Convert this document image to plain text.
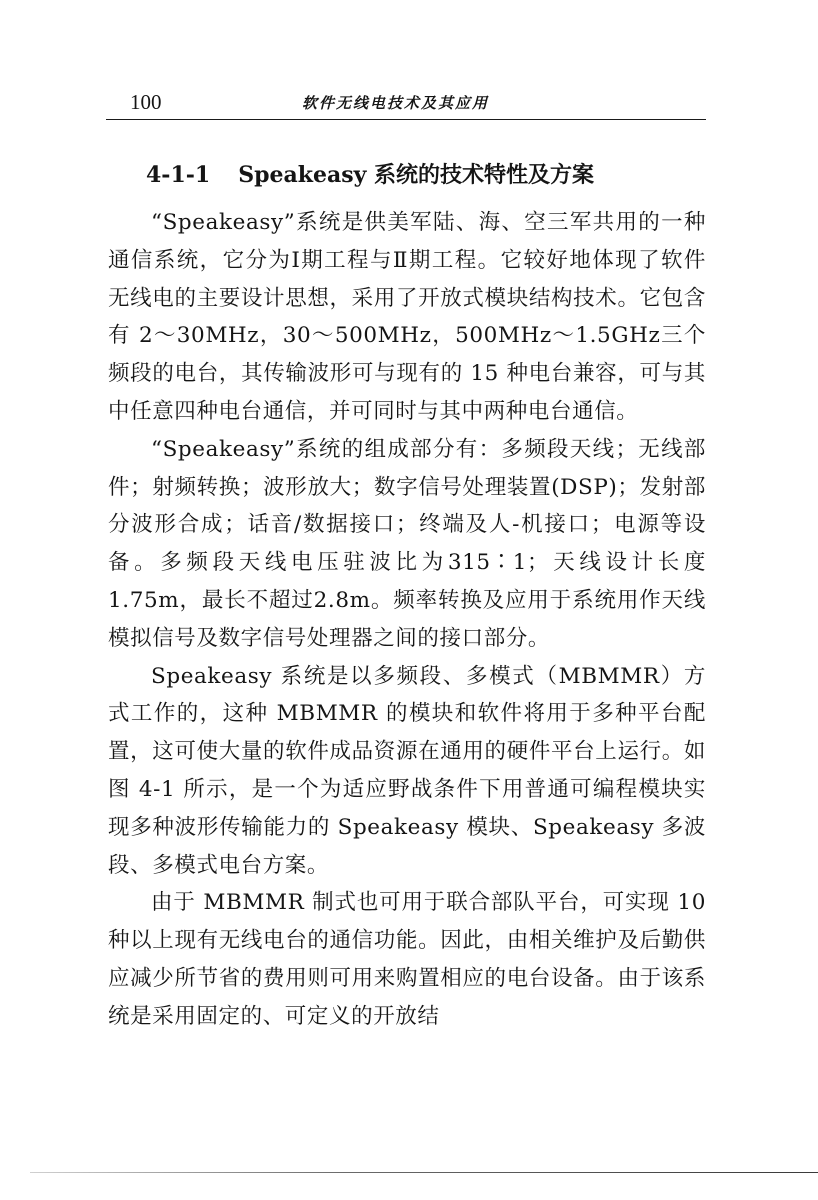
100	软件无线电技术及其应用
4-1-1 Speakeasy 系统的技术特性及方案

“Speakeasy”系统是供美军陆、海、空三军共用的一种通信系统，它分为Ⅰ期工程与Ⅱ期工程。它较好地体现了软件无线电的主要设计思想，采用了开放式模块结构技术。它包含有 2～30MHz，30～500MHz，500MHz～1.5GHz三个频段的电台，其传输波形可与现有的 15 种电台兼容，可与其中任意四种电台通信，并可同时与其中两种电台通信。

“Speakeasy”系统的组成部分有：多频段天线；无线部件；射频转换；波形放大；数字信号处理装置(DSP)；发射部分波形合成；话音/数据接口；终端及人-机接口；电源等设备。多频段天线电压驻波比为315∶1；天线设计长度1.75m，最长不超过2.8m。频率转换及应用于系统用作天线模拟信号及数字信号处理器之间的接口部分。

Speakeasy 系统是以多频段、多模式（MBMMR）方式工作的，这种 MBMMR 的模块和软件将用于多种平台配置，这可使大量的软件成品资源在通用的硬件平台上运行。如图 4-1 所示，是一个为适应野战条件下用普通可编程模块实现多种波形传输能力的 Speakeasy 模块、Speakeasy 多波段、多模式电台方案。

由于 MBMMR 制式也可用于联合部队平台，可实现 10 种以上现有无线电台的通信功能。因此，由相关维护及后勤供应减少所节省的费用则可用来购置相应的电台设备。由于该系统是采用固定的、可定义的开放结
